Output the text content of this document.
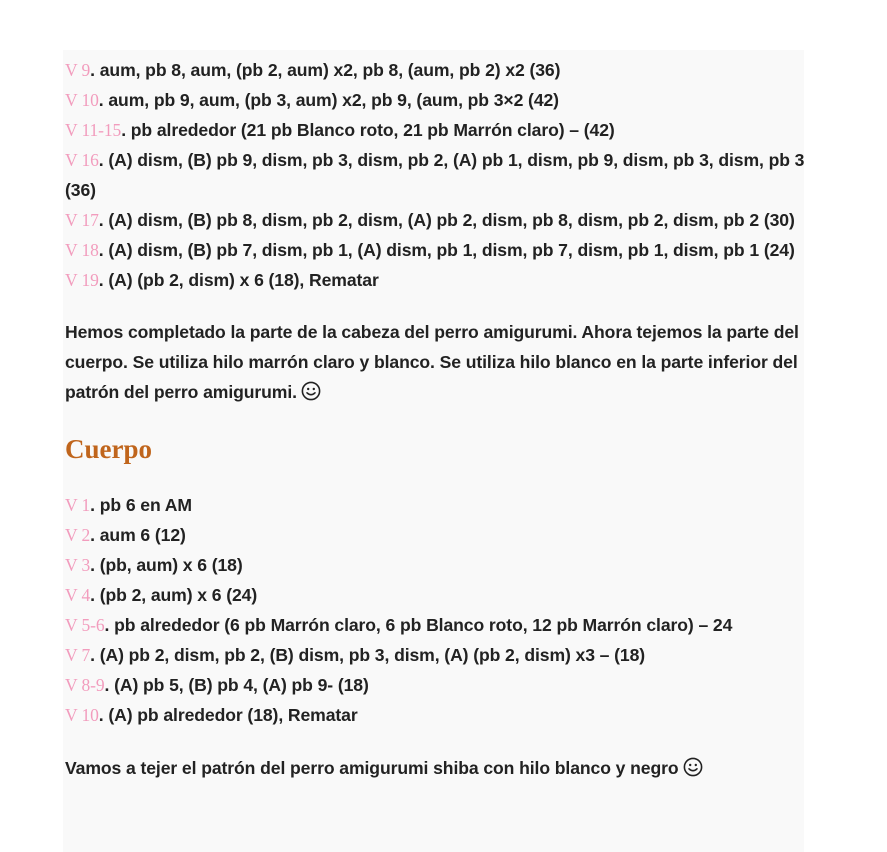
V 9. aum, pb 8, aum, (pb 2, aum) x2, pb 8, (aum, pb 2) x2 (36)
V 10. aum, pb 9, aum, (pb 3, aum) x2, pb 9, (aum, pb 3×2 (42)
V 11-15. pb alrededor (21 pb Blanco roto, 21 pb Marrón claro) – (42)
V 16. (A) dism, (B) pb 9, dism, pb 3, dism, pb 2, (A) pb 1, dism, pb 9, dism, pb 3, dism, pb 3 (36)
V 17. (A) dism, (B) pb 8, dism, pb 2, dism, (A) pb 2, dism, pb 8, dism, pb 2, dism, pb 2 (30)
V 18. (A) dism, (B) pb 7, dism, pb 1, (A) dism, pb 1, dism, pb 7, dism, pb 1, dism, pb 1 (24)
V 19. (A) (pb 2, dism) x 6 (18), Rematar

Hemos completado la parte de la cabeza del perro amigurumi. Ahora tejemos la parte del cuerpo. Se utiliza hilo marrón claro y blanco. Se utiliza hilo blanco en la parte inferior del patrón del perro amigurumi.

Cuerpo
V 1. pb 6 en AM
V 2. aum 6 (12)
V 3. (pb, aum) x 6 (18)
V 4. (pb 2, aum) x 6 (24)
V 5-6. pb alrededor (6 pb Marrón claro, 6 pb Blanco roto, 12 pb Marrón claro) – 24
V 7. (A) pb 2, dism, pb 2, (B) dism, pb 3, dism, (A) (pb 2, dism) x3 – (18)
V 8-9. (A) pb 5, (B) pb 4, (A) pb 9- (18)
V 10. (A) pb alrededor (18), Rematar

Vamos a tejer el patrón del perro amigurumi shiba con hilo blanco y negro
